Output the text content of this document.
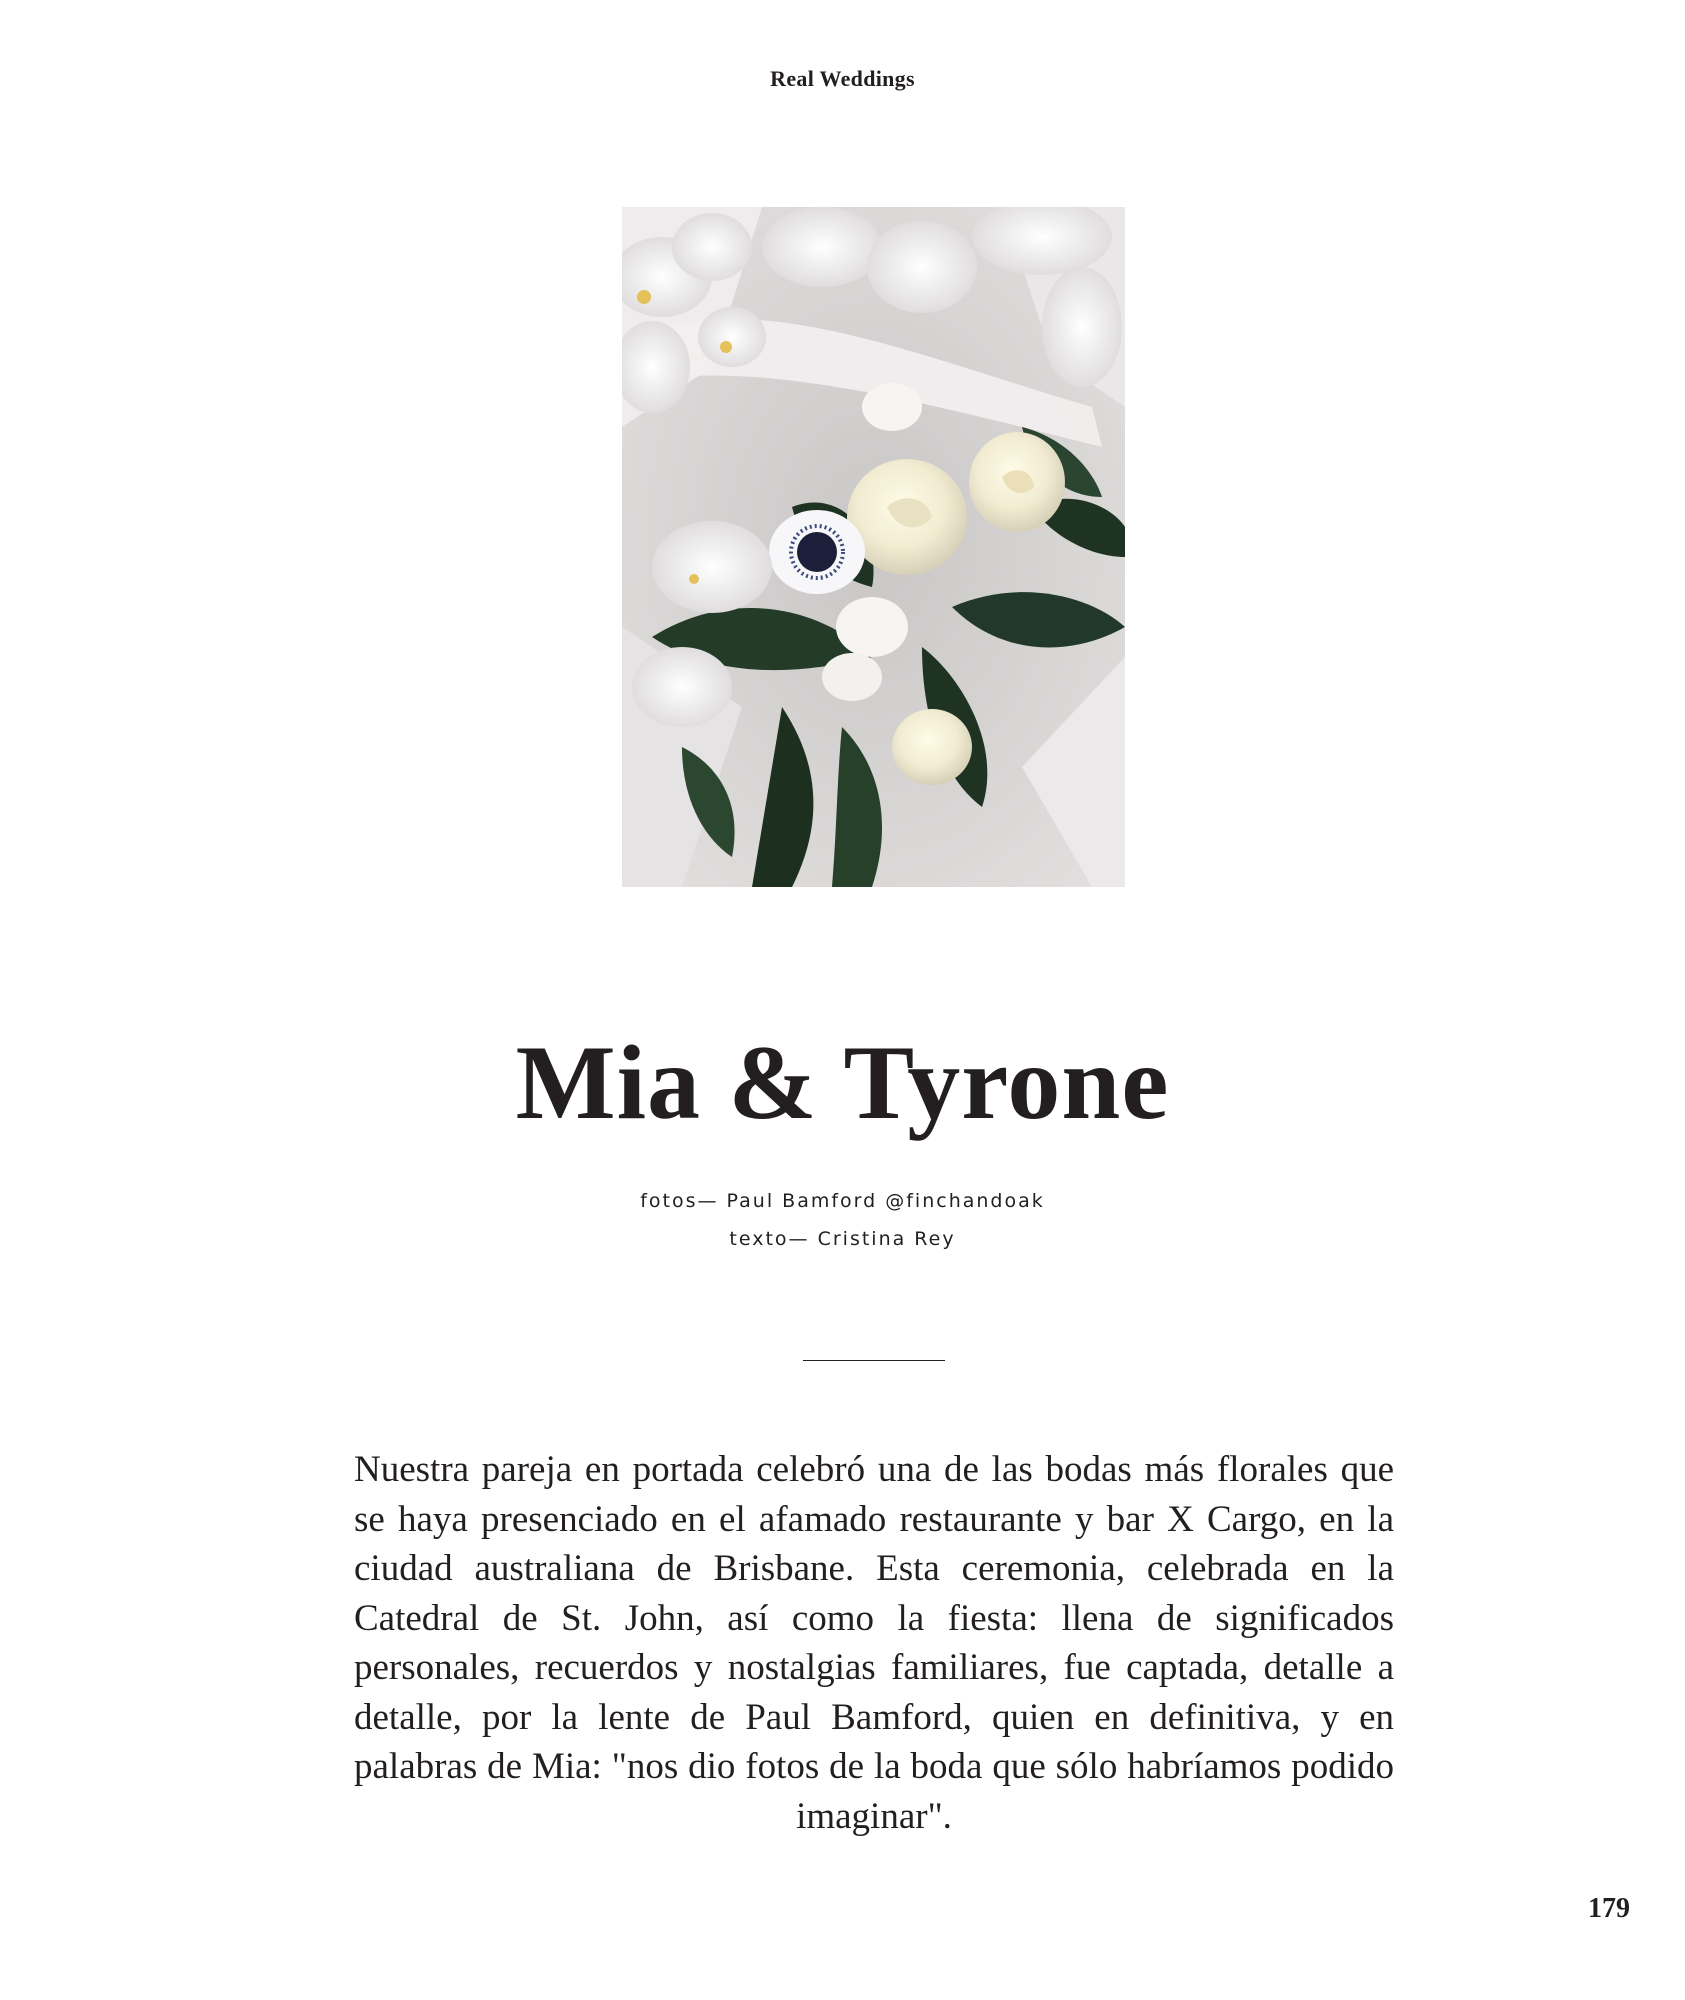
Real Weddings
Mia & Tyrone
fotos— Paul Bamford @finchandoak
texto— Cristina Rey

Nuestra pareja en portada celebró una de las bodas más florales que se haya presenciado en el afamado restaurante y bar X Cargo, en la ciudad australiana de Brisbane. Esta ceremonia, celebrada en la Catedral de St. John, así como la fiesta: llena de significados personales, recuerdos y nostalgias familiares, fue captada, detalle a detalle, por la lente de Paul Bamford, quien en definitiva, y en palabras de Mia: "nos dio fotos de la boda que sólo habríamos podido imaginar".

179
